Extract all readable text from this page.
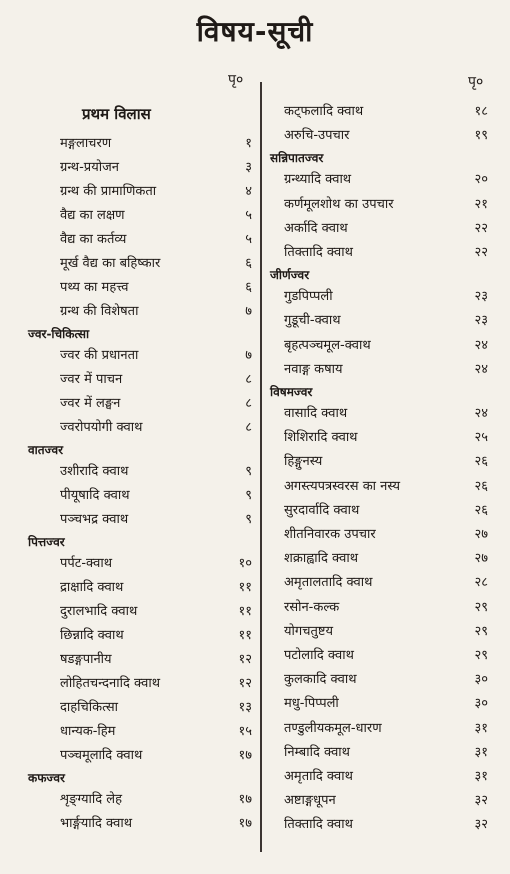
विषय-सूची
पृ०
प्रथम विलास
मङ्गलाचरण	१
ग्रन्थ-प्रयोजन	३
ग्रन्थ की प्रामाणिकता	४
वैद्य का लक्षण	५
वैद्य का कर्तव्य	५
मूर्ख वैद्य का बहिष्कार	६
पथ्य का महत्त्व	६
ग्रन्थ की विशेषता	७
ज्वर-चिकित्सा
ज्वर की प्रधानता	७
ज्वर में पाचन	८
ज्वर में लङ्घन	८
ज्वरोपयोगी क्वाथ	८
वातज्वर
उशीरादि क्वाथ	९
पीयूषादि क्वाथ	९
पञ्चभद्र क्वाथ	९
पित्तज्वर
पर्पट-क्वाथ	१०
द्राक्षादि क्वाथ	११
दुरालभादि क्वाथ	११
छिन्नादि क्वाथ	११
षडङ्गपानीय	१२
लोहितचन्दनादि क्वाथ	१२
दाहचिकित्सा	१३
धान्यक-हिम	१५
पञ्चमूलादि क्वाथ	१७
कफज्वर
शृङ्ग्यादि लेह	१७
भार्ङ्गयादि क्वाथ	१७
पृ०
कट्फलादि क्वाथ	१८
अरुचि-उपचार	१९
सन्निपातज्वर
ग्रन्थ्यादि क्वाथ	२०
कर्णमूलशोथ का उपचार	२१
अर्कादि क्वाथ	२२
तिक्तादि क्वाथ	२२
जीर्णज्वर
गुडपिप्पली	२३
गुडूची-क्वाथ	२३
बृहत्पञ्चमूल-क्वाथ	२४
नवाङ्ग कषाय	२४
विषमज्वर
वासादि क्वाथ	२४
शिशिरादि क्वाथ	२५
हिङ्गुनस्य	२६
अगस्त्यपत्रस्वरस का नस्य	२६
सुरदार्वादि क्वाथ	२६
शीतनिवारक उपचार	२७
शक्राह्वादि क्वाथ	२७
अमृतालतादि क्वाथ	२८
रसोन-कल्क	२९
योगचतुष्टय	२९
पटोलादि क्वाथ	२९
कुलकादि क्वाथ	३०
मधु-पिप्पली	३०
तण्डुलीयकमूल-धारण	३१
निम्बादि क्वाथ	३१
अमृतादि क्वाथ	३१
अष्टाङ्गधूपन	३२
तिक्तादि क्वाथ	३२
